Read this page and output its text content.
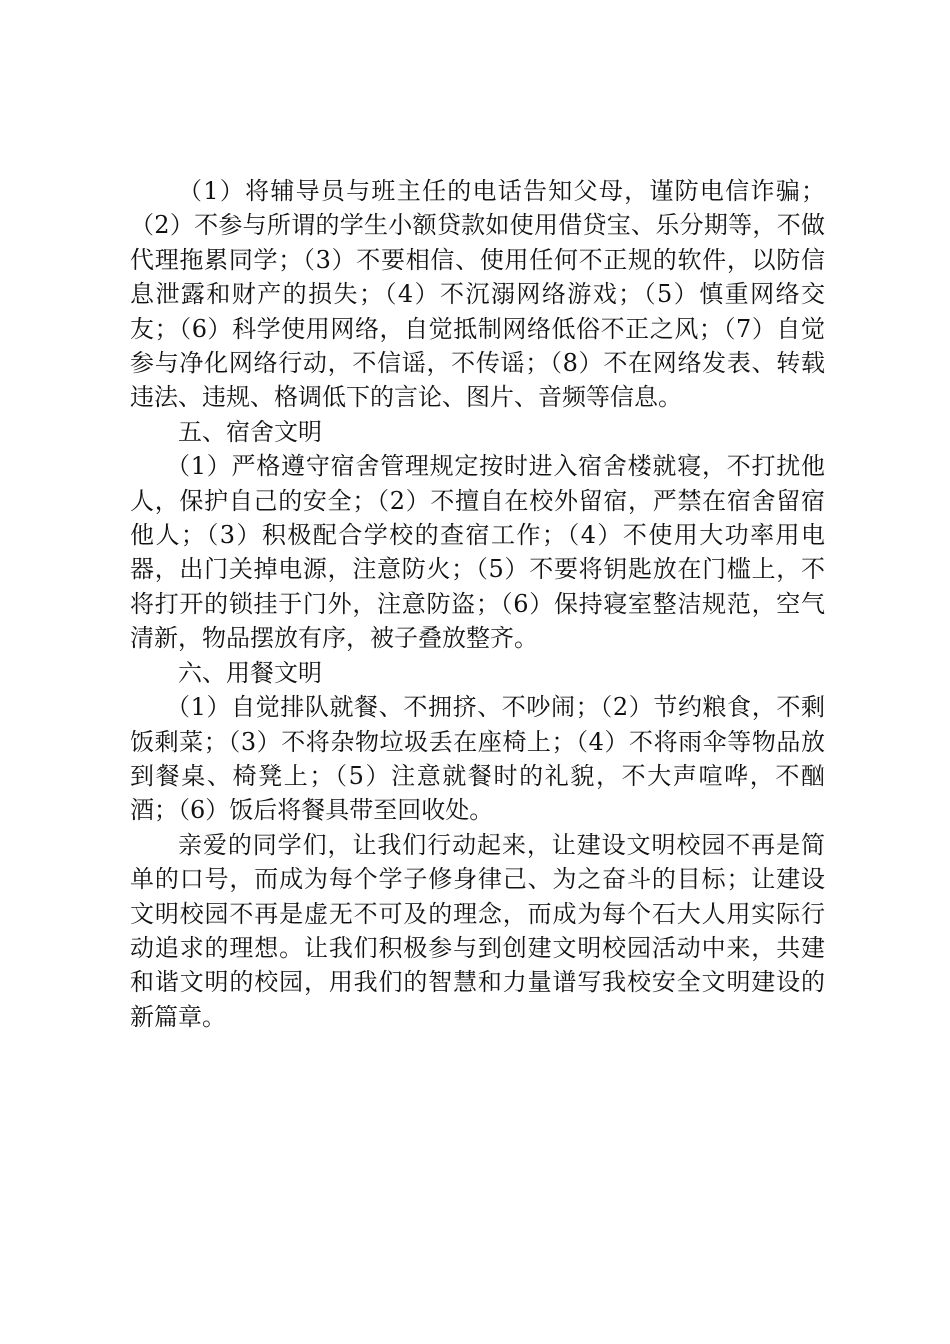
（1）将辅导员与班主任的电话告知父母，谨防电信诈骗；（2）不参与所谓的学生小额贷款如使用借贷宝、乐分期等，不做代理拖累同学；（3）不要相信、使用任何不正规的软件，以防信息泄露和财产的损失；（4）不沉溺网络游戏；（5）慎重网络交友；（6）科学使用网络，自觉抵制网络低俗不正之风；（7）自觉参与净化网络行动，不信谣，不传谣；（8）不在网络发表、转载违法、违规、格调低下的言论、图片、音频等信息。

五、宿舍文明

（1）严格遵守宿舍管理规定按时进入宿舍楼就寝，不打扰他人，保护自己的安全；（2）不擅自在校外留宿，严禁在宿舍留宿他人；（3）积极配合学校的查宿工作；（4）不使用大功率用电器，出门关掉电源，注意防火；（5）不要将钥匙放在门槛上，不将打开的锁挂于门外，注意防盗；（6）保持寝室整洁规范，空气清新，物品摆放有序，被子叠放整齐。

六、用餐文明

（1）自觉排队就餐、不拥挤、不吵闹；（2）节约粮食，不剩饭剩菜；（3）不将杂物垃圾丢在座椅上；（4）不将雨伞等物品放到餐桌、椅凳上；（5）注意就餐时的礼貌，不大声喧哗，不酗酒；（6）饭后将餐具带至回收处。

亲爱的同学们，让我们行动起来，让建设文明校园不再是简单的口号，而成为每个学子修身律己、为之奋斗的目标；让建设文明校园不再是虚无不可及的理念，而成为每个石大人用实际行动追求的理想。让我们积极参与到创建文明校园活动中来，共建和谐文明的校园，用我们的智慧和力量谱写我校安全文明建设的新篇章。
